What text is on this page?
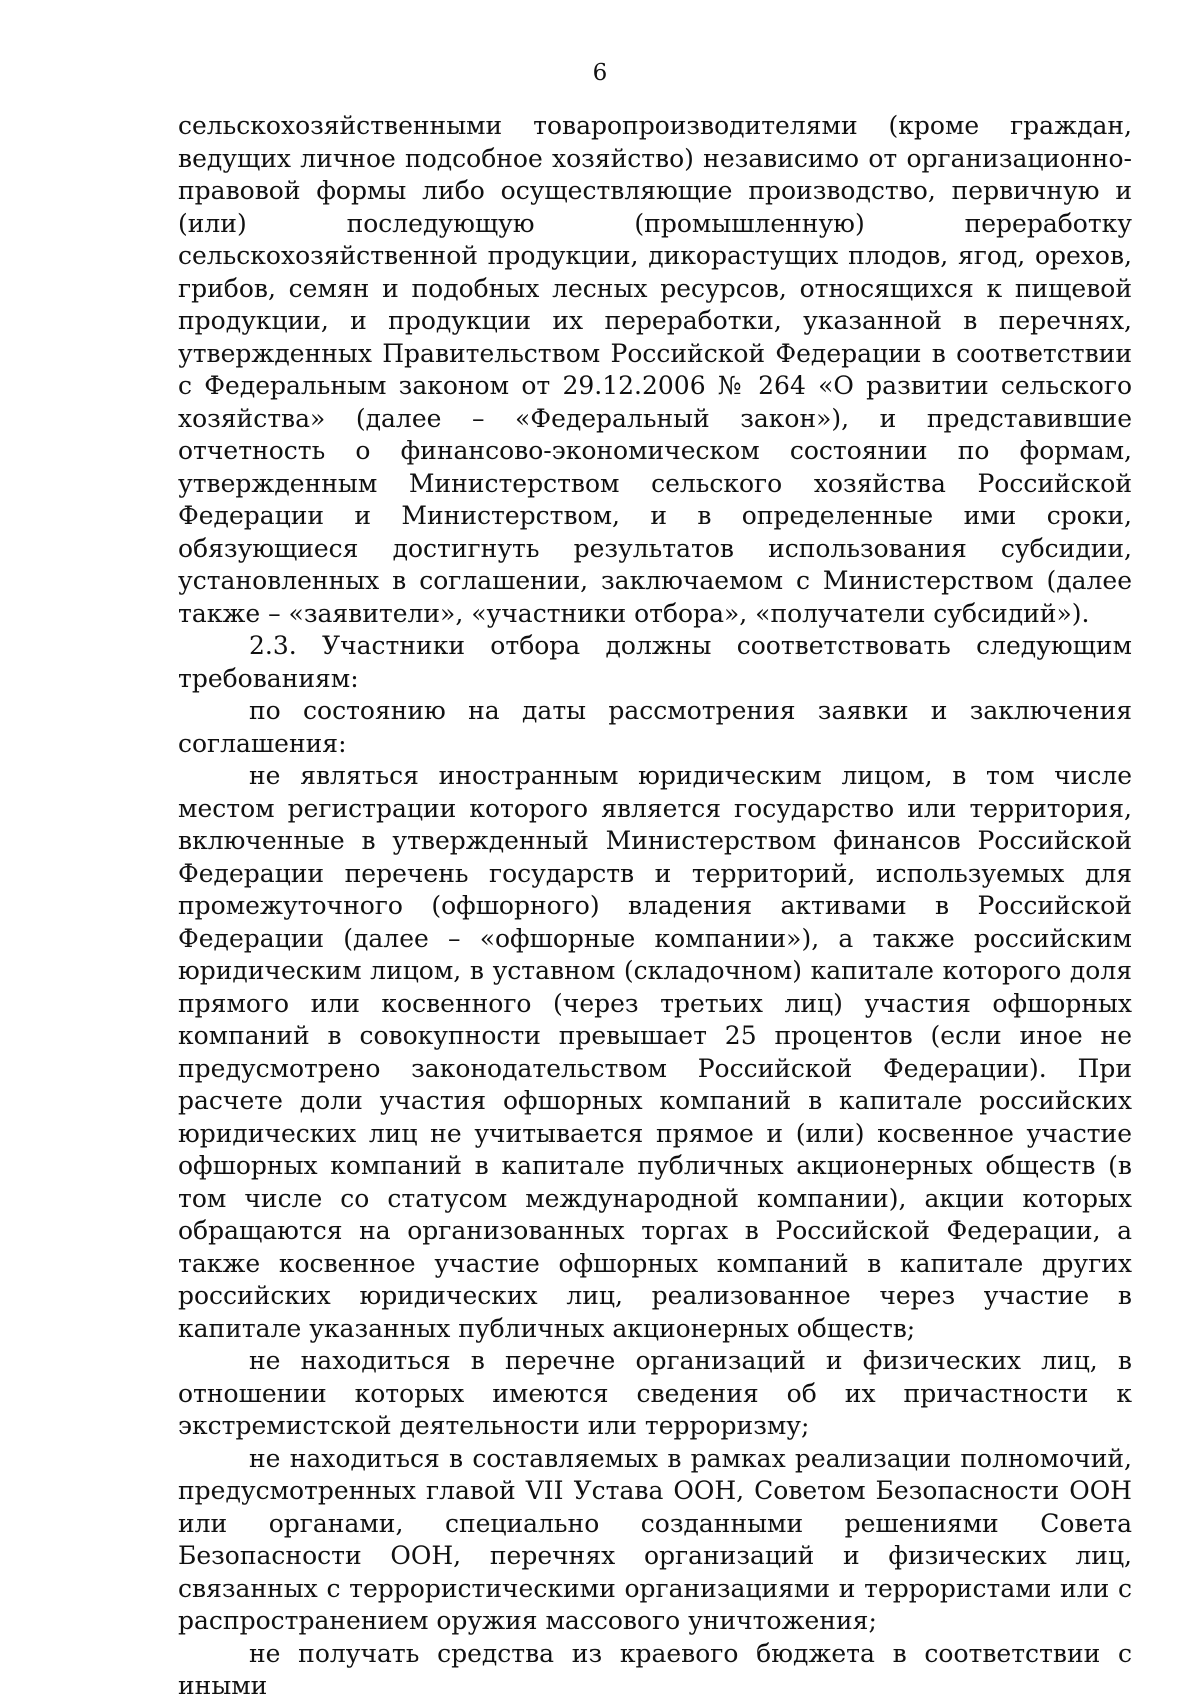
6

сельскохозяйственными товаропроизводителями (кроме граждан, ведущих личное подсобное хозяйство) независимо от организационно-правовой формы либо осуществляющие производство, первичную и (или) последующую (промышленную) переработку сельскохозяйственной продукции, дикорастущих плодов, ягод, орехов, грибов, семян и подобных лесных ресурсов, относящихся к пищевой продукции, и продукции их переработки, указанной в перечнях, утвержденных Правительством Российской Федерации в соответствии с Федеральным законом от 29.12.2006 № 264 «О развитии сельского хозяйства» (далее – «Федеральный закон»), и представившие отчетность о финансово-экономическом состоянии по формам, утвержденным Министерством сельского хозяйства Российской Федерации и Министерством, и в определенные ими сроки, обязующиеся достигнуть результатов использования субсидии, установленных в соглашении, заключаемом с Министерством (далее также – «заявители», «участники отбора», «получатели субсидий»).

2.3. Участники отбора должны соответствовать следующим требованиям:

по состоянию на даты рассмотрения заявки и заключения соглашения:

не являться иностранным юридическим лицом, в том числе местом регистрации которого является государство или территория, включенные в утвержденный Министерством финансов Российской Федерации перечень государств и территорий, используемых для промежуточного (офшорного) владения активами в Российской Федерации (далее – «офшорные компании»), а также российским юридическим лицом, в уставном (складочном) капитале которого доля прямого или косвенного (через третьих лиц) участия офшорных компаний в совокупности превышает 25 процентов (если иное не предусмотрено законодательством Российской Федерации). При расчете доли участия офшорных компаний в капитале российских юридических лиц не учитывается прямое и (или) косвенное участие офшорных компаний в капитале публичных акционерных обществ (в том числе со статусом международной компании), акции которых обращаются на организованных торгах в Российской Федерации, а также косвенное участие офшорных компаний в капитале других российских юридических лиц, реализованное через участие в капитале указанных публичных акционерных обществ;

не находиться в перечне организаций и физических лиц, в отношении которых имеются сведения об их причастности к экстремистской деятельности или терроризму;

не находиться в составляемых в рамках реализации полномочий, предусмотренных главой VII Устава ООН, Советом Безопасности ООН или органами, специально созданными решениями Совета Безопасности ООН, перечнях организаций и физических лиц, связанных с террористическими организациями и террористами или с распространением оружия массового уничтожения;

не получать средства из краевого бюджета в соответствии с иными
